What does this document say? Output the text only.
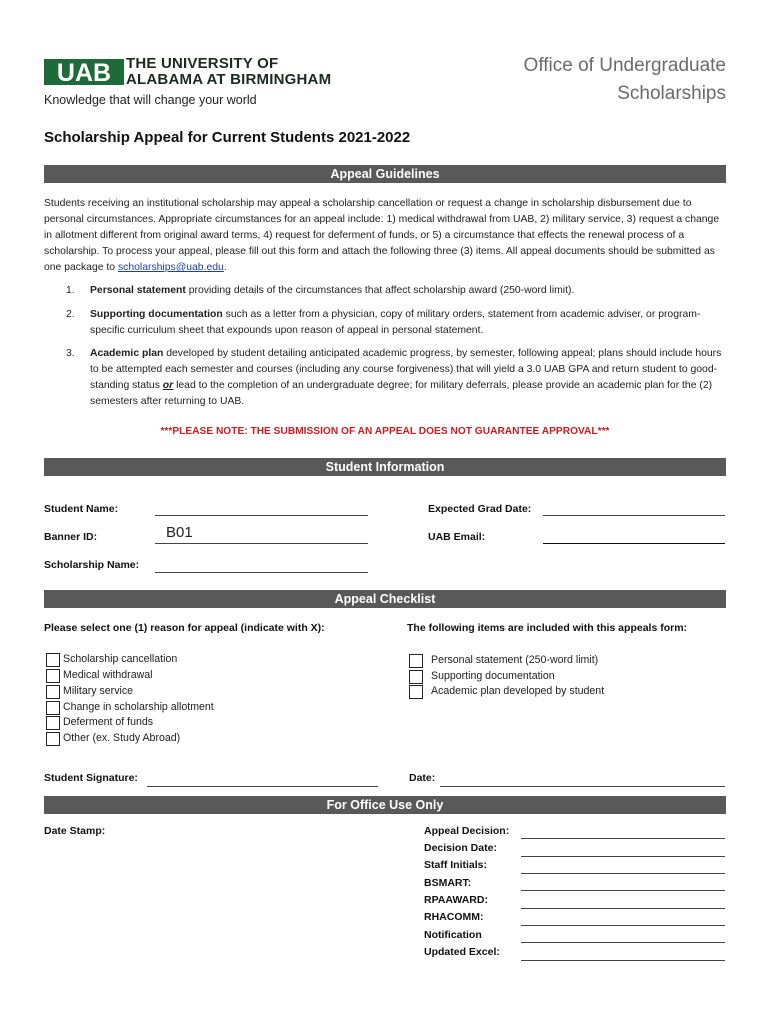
UAB THE UNIVERSITY OF
ALABAMA AT BIRMINGHAM
Knowledge that will change your world
Office of Undergraduate
Scholarships
Scholarship Appeal for Current Students 2021-2022
Appeal Guidelines
Students receiving an institutional scholarship may appeal a scholarship cancellation or request a change in scholarship disbursement due to personal circumstances. Appropriate circumstances for an appeal include: 1) medical withdrawal from UAB, 2) military service, 3) request a change in allotment different from original award terms, 4) request for deferment of funds, or 5) a circumstance that effects the renewal process of a scholarship. To process your appeal, please fill out this form and attach the following three (3) items. All appeal documents should be submitted as one package to scholarships@uab.edu.
1. Personal statement providing details of the circumstances that affect scholarship award (250-word limit).
2. Supporting documentation such as a letter from a physician, copy of military orders, statement from academic adviser, or program-specific curriculum sheet that expounds upon reason of appeal in personal statement.
3. Academic plan developed by student detailing anticipated academic progress, by semester, following appeal; plans should include hours to be attempted each semester and courses (including any course forgiveness) that will yield a 3.0 UAB GPA and return student to good-standing status or lead to the completion of an undergraduate degree; for military deferrals, please provide an academic plan for the (2) semesters after returning to UAB.
***PLEASE NOTE: THE SUBMISSION OF AN APPEAL DOES NOT GUARANTEE APPROVAL***
Student Information
Student Name:	Expected Grad Date:
Banner ID:	B01	UAB Email:
Scholarship Name:
Appeal Checklist
Please select one (1) reason for appeal (indicate with X):	The following items are included with this appeals form:
Scholarship cancellation
Medical withdrawal
Military service
Change in scholarship allotment
Deferment of funds
Other (ex. Study Abroad)
Personal statement (250-word limit)
Supporting documentation
Academic plan developed by student
Student Signature:	Date:
For Office Use Only
Date Stamp:	Appeal Decision:
Decision Date:
Staff Initials:
BSMART:
RPAAWARD:
RHACOMM:
Notification
Updated Excel:
